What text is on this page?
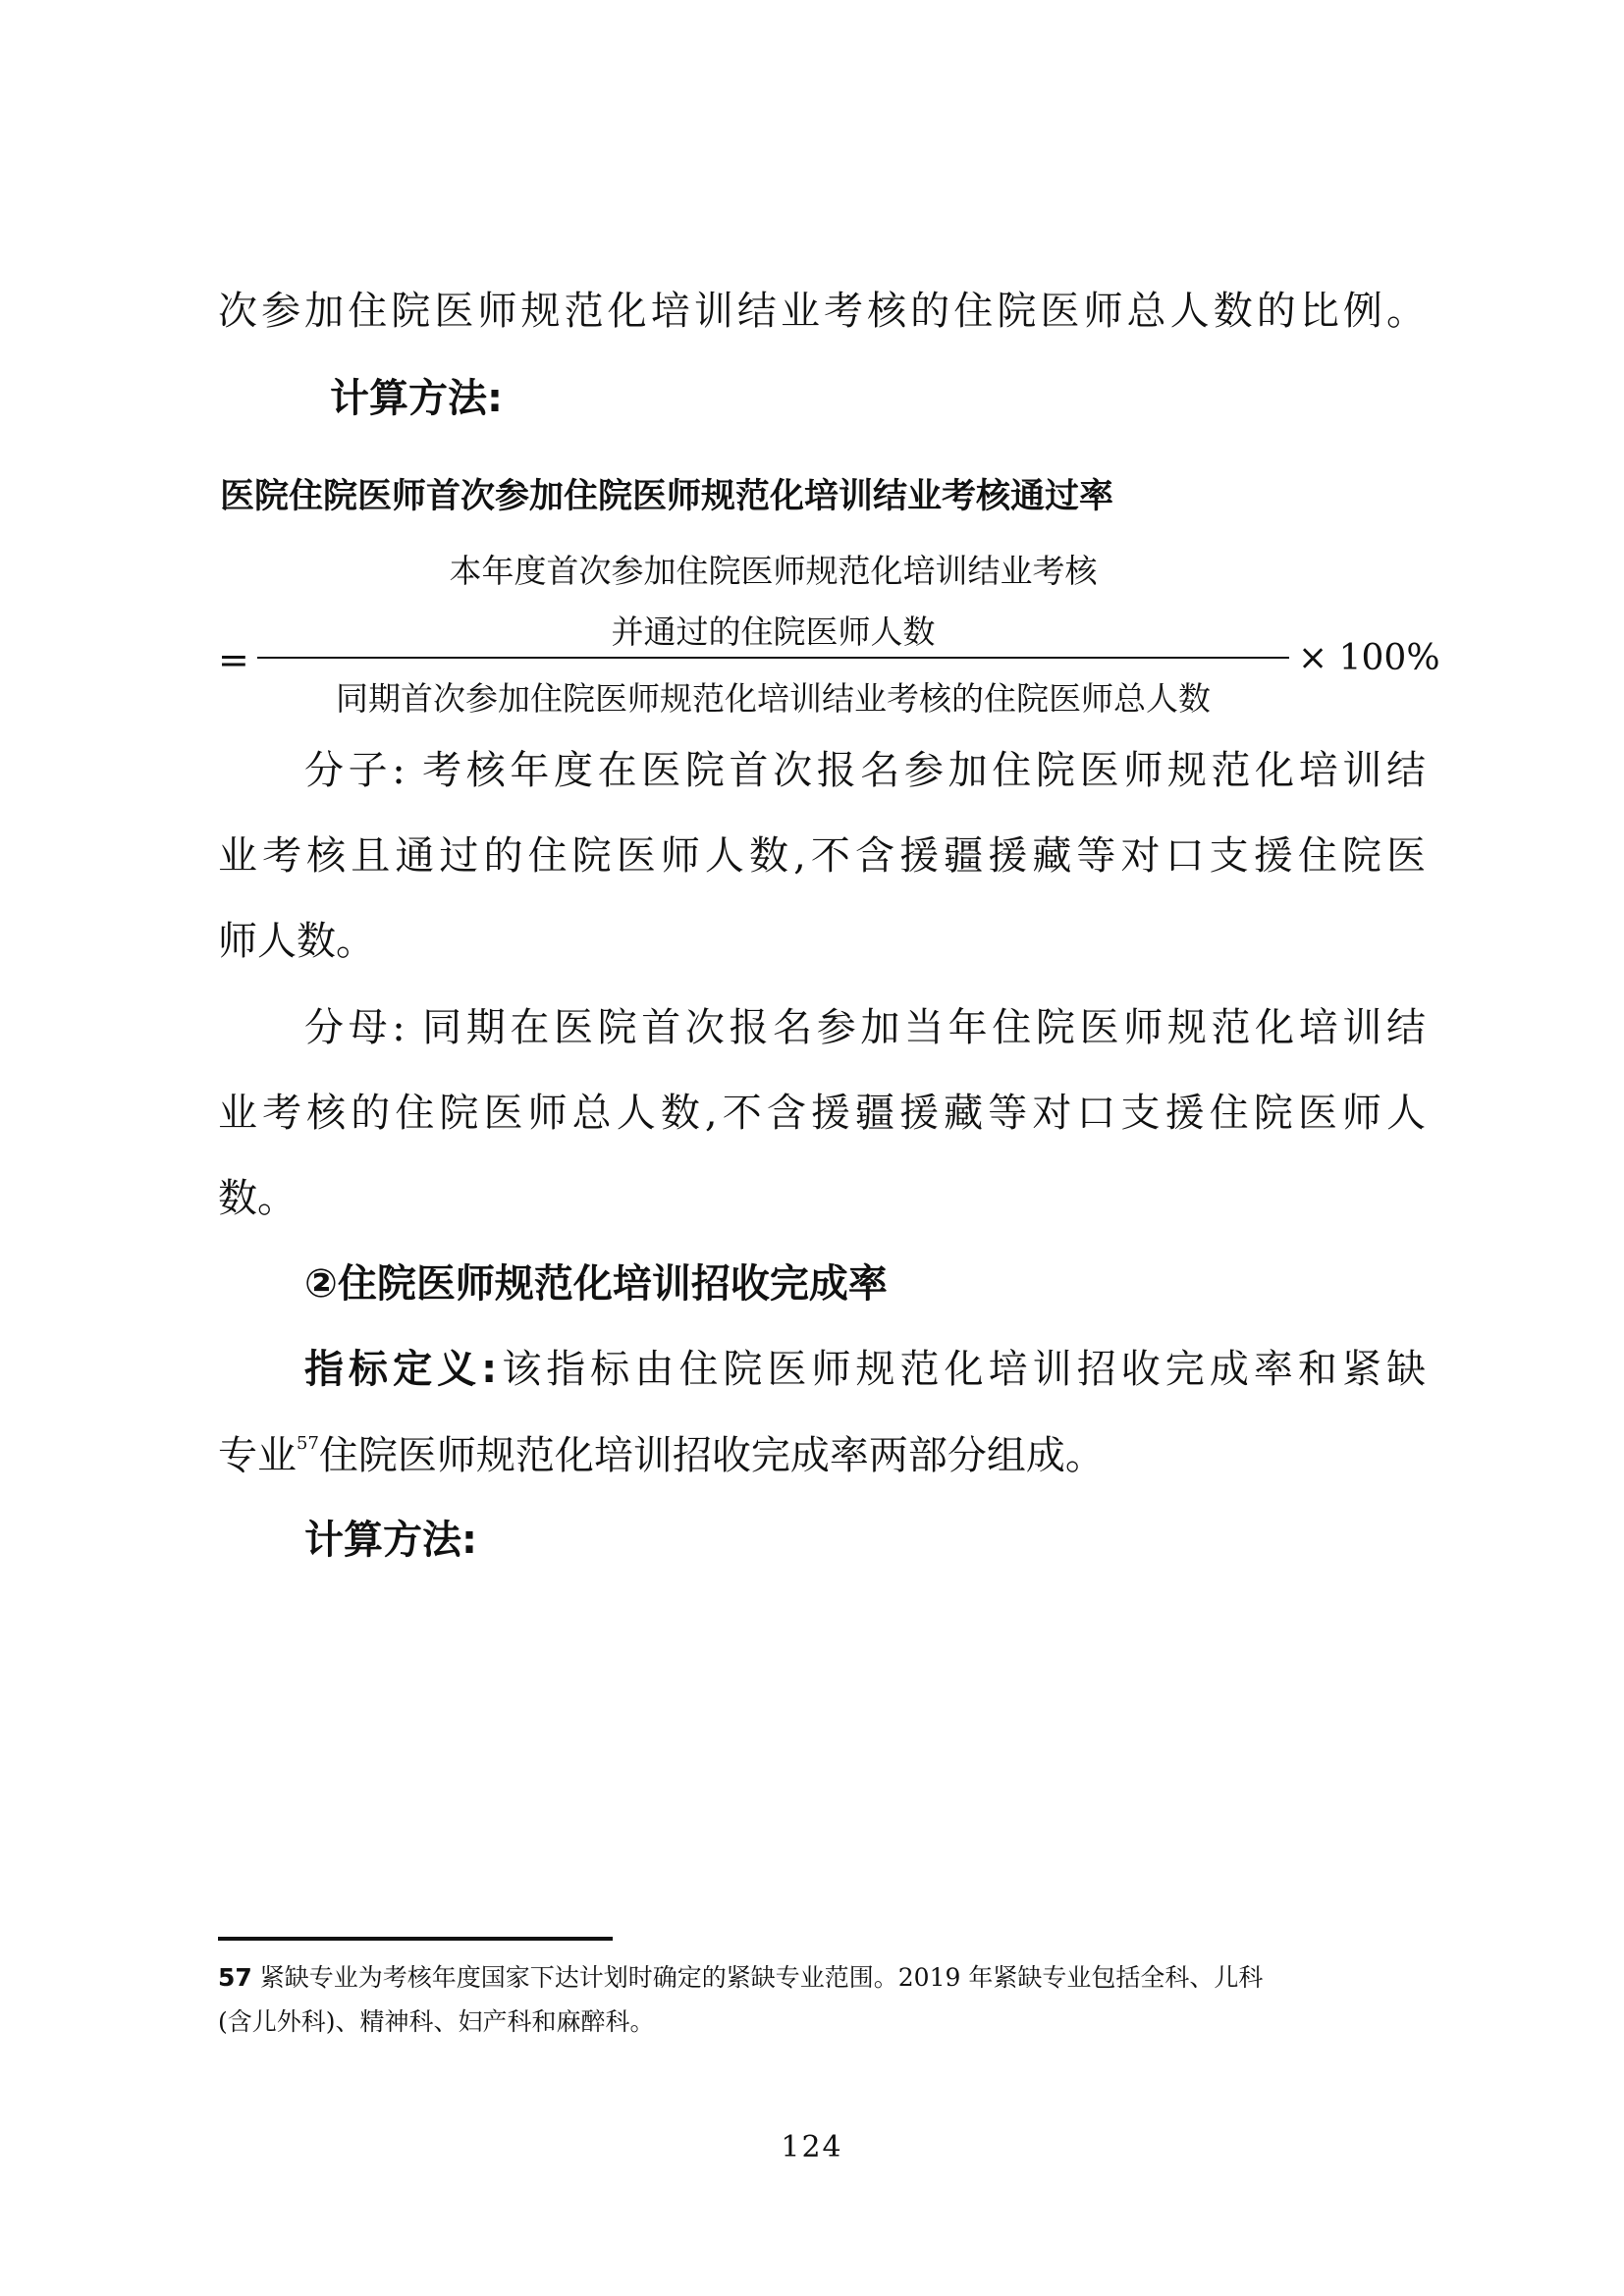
次参加住院医师规范化培训结业考核的住院医师总人数的比例。
计算方法:
医院住院医师首次参加住院医师规范化培训结业考核通过率
本年度首次参加住院医师规范化培训结业考核
并通过的住院医师人数
=	× 100%
同期首次参加住院医师规范化培训结业考核的住院医师总人数
分子: 考核年度在医院首次报名参加住院医师规范化培训结
业考核且通过的住院医师人数,不含援疆援藏等对口支援住院医
师人数。
分母: 同期在医院首次报名参加当年住院医师规范化培训结
业考核的住院医师总人数,不含援疆援藏等对口支援住院医师人
数。
②住院医师规范化培训招收完成率
指标定义:该指标由住院医师规范化培训招收完成率和紧缺
专业$^{57}$住院医师规范化培训招收完成率两部分组成。
计算方法:
57 紧缺专业为考核年度国家下达计划时确定的紧缺专业范围。2019 年紧缺专业包括全科、儿科
(含儿外科)、精神科、妇产科和麻醉科。
124
